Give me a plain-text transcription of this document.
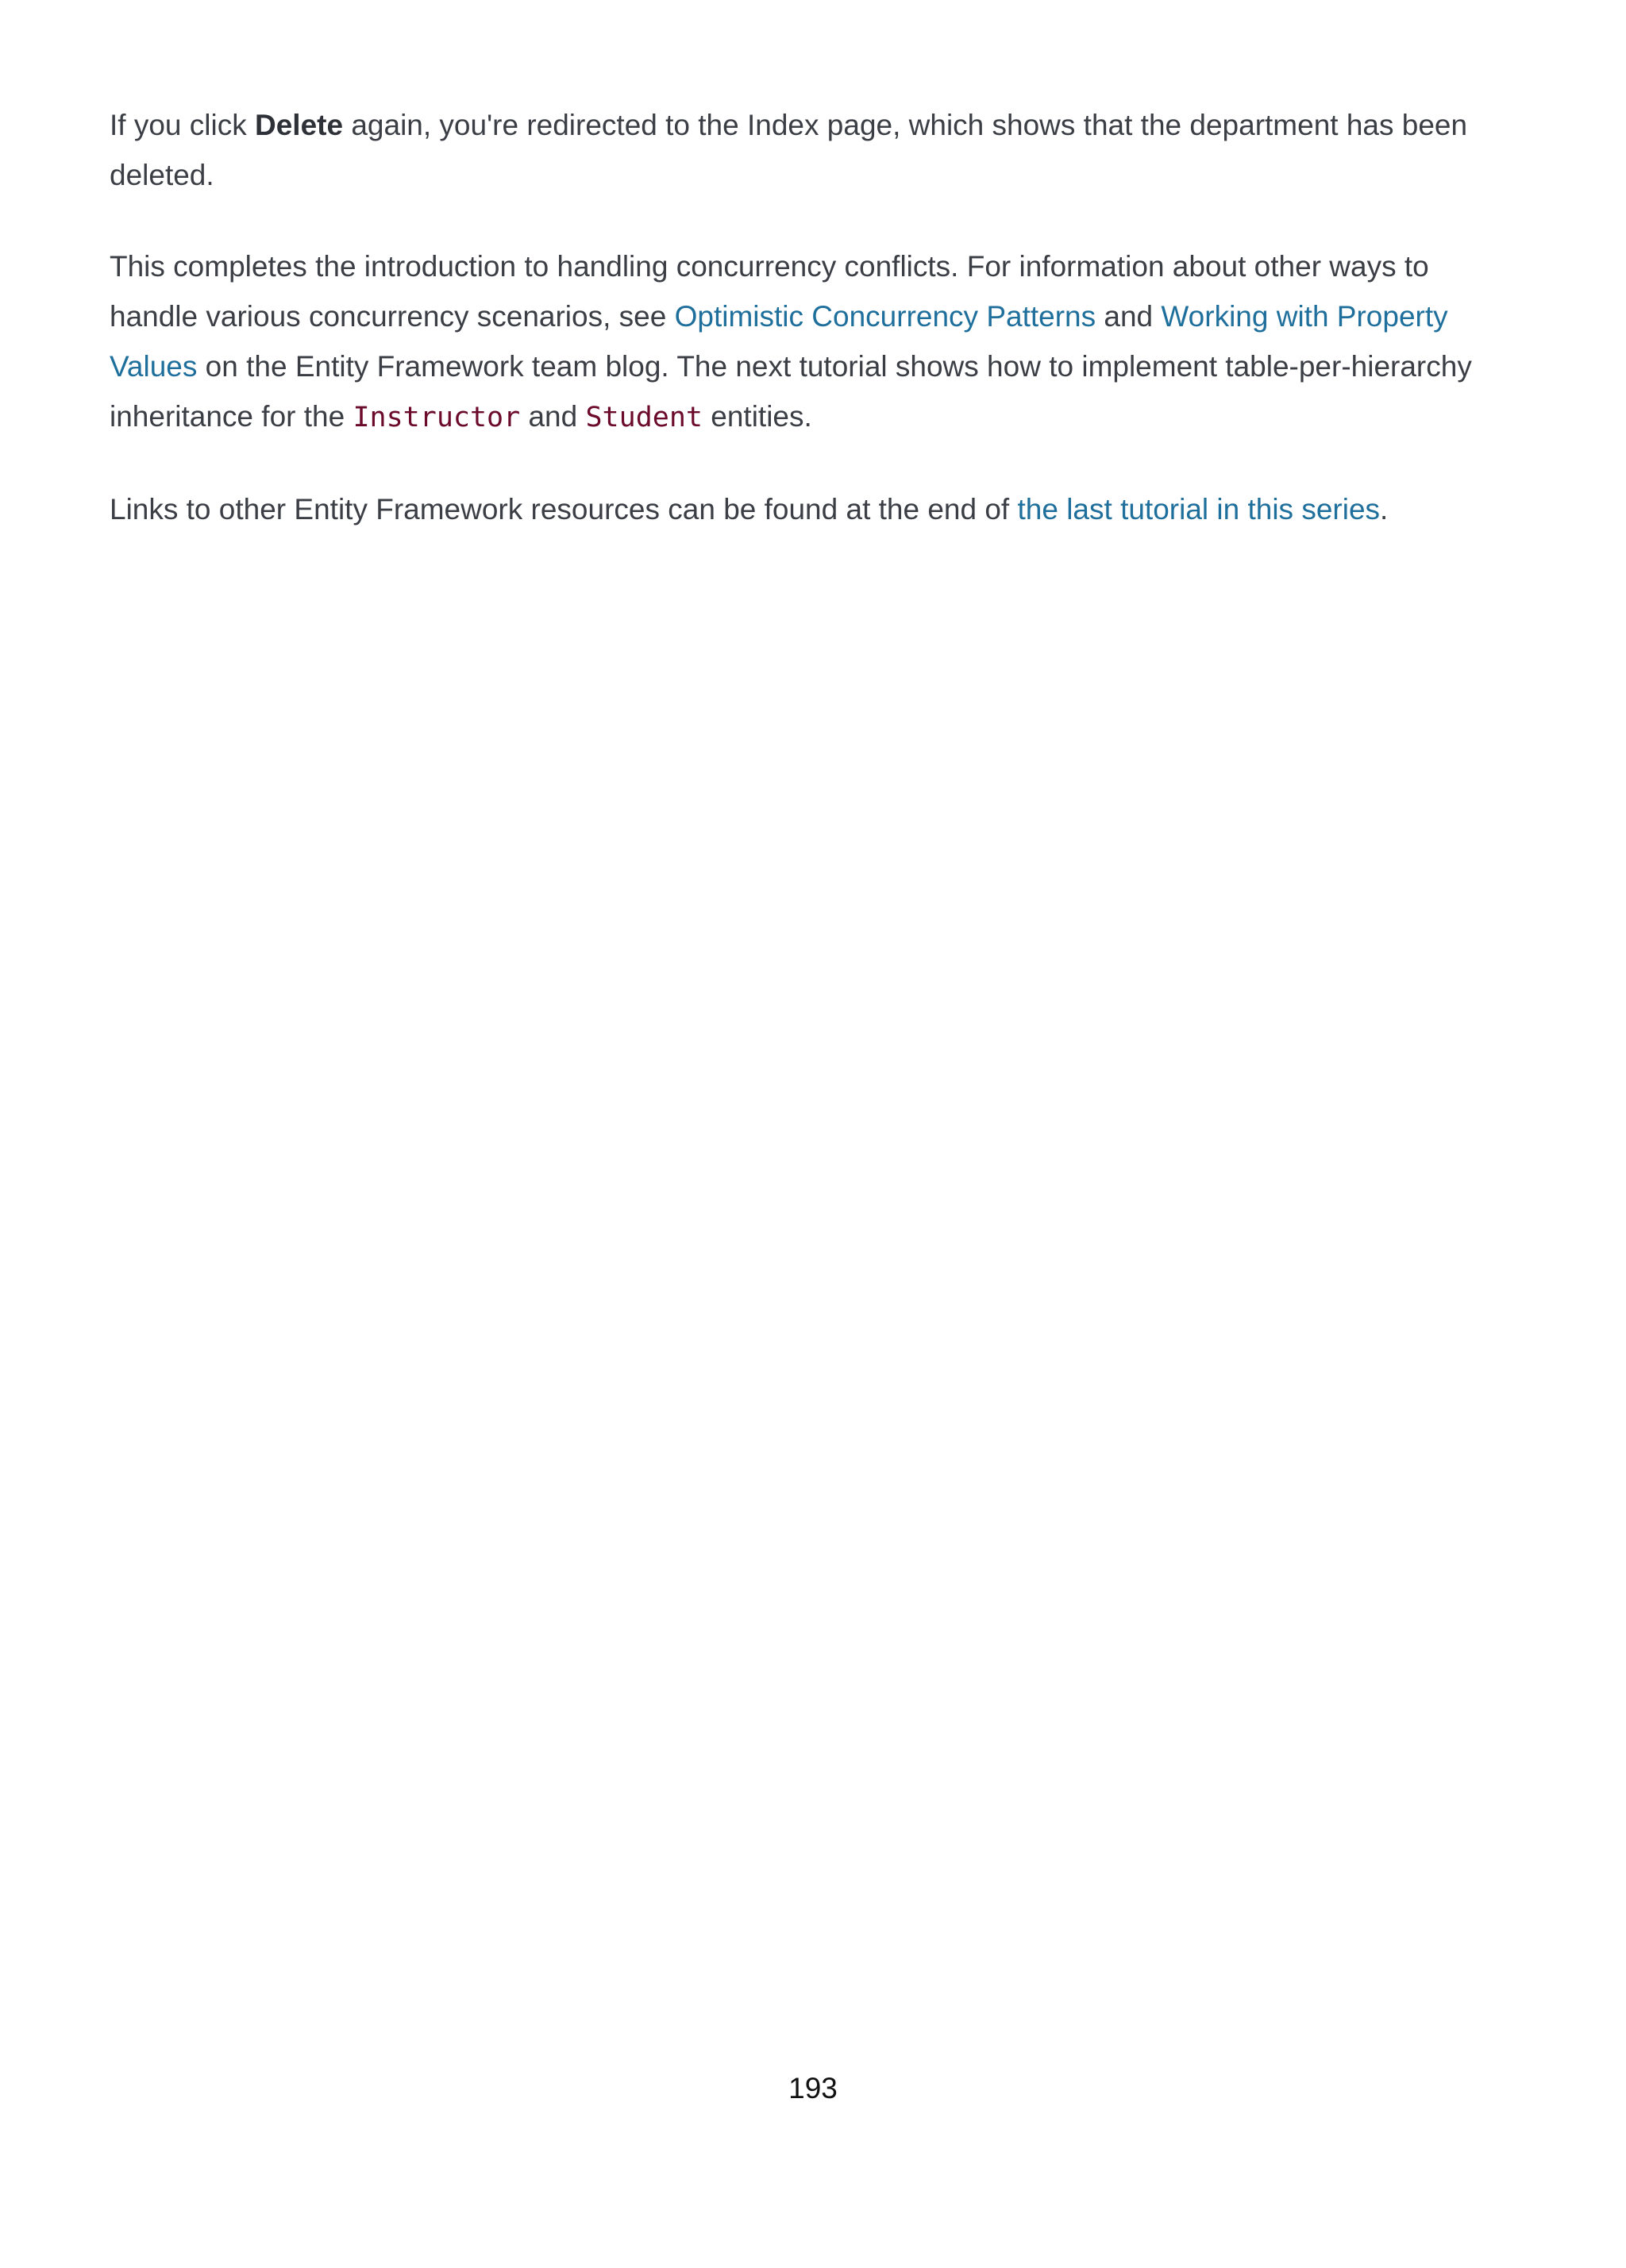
If you click Delete again, you're redirected to the Index page, which shows that the department has been deleted.

This completes the introduction to handling concurrency conflicts. For information about other ways to handle various concurrency scenarios, see Optimistic Concurrency Patterns and Working with Property Values on the Entity Framework team blog. The next tutorial shows how to implement table-per-hierarchy inheritance for the Instructor and Student entities.

Links to other Entity Framework resources can be found at the end of the last tutorial in this series.

193
